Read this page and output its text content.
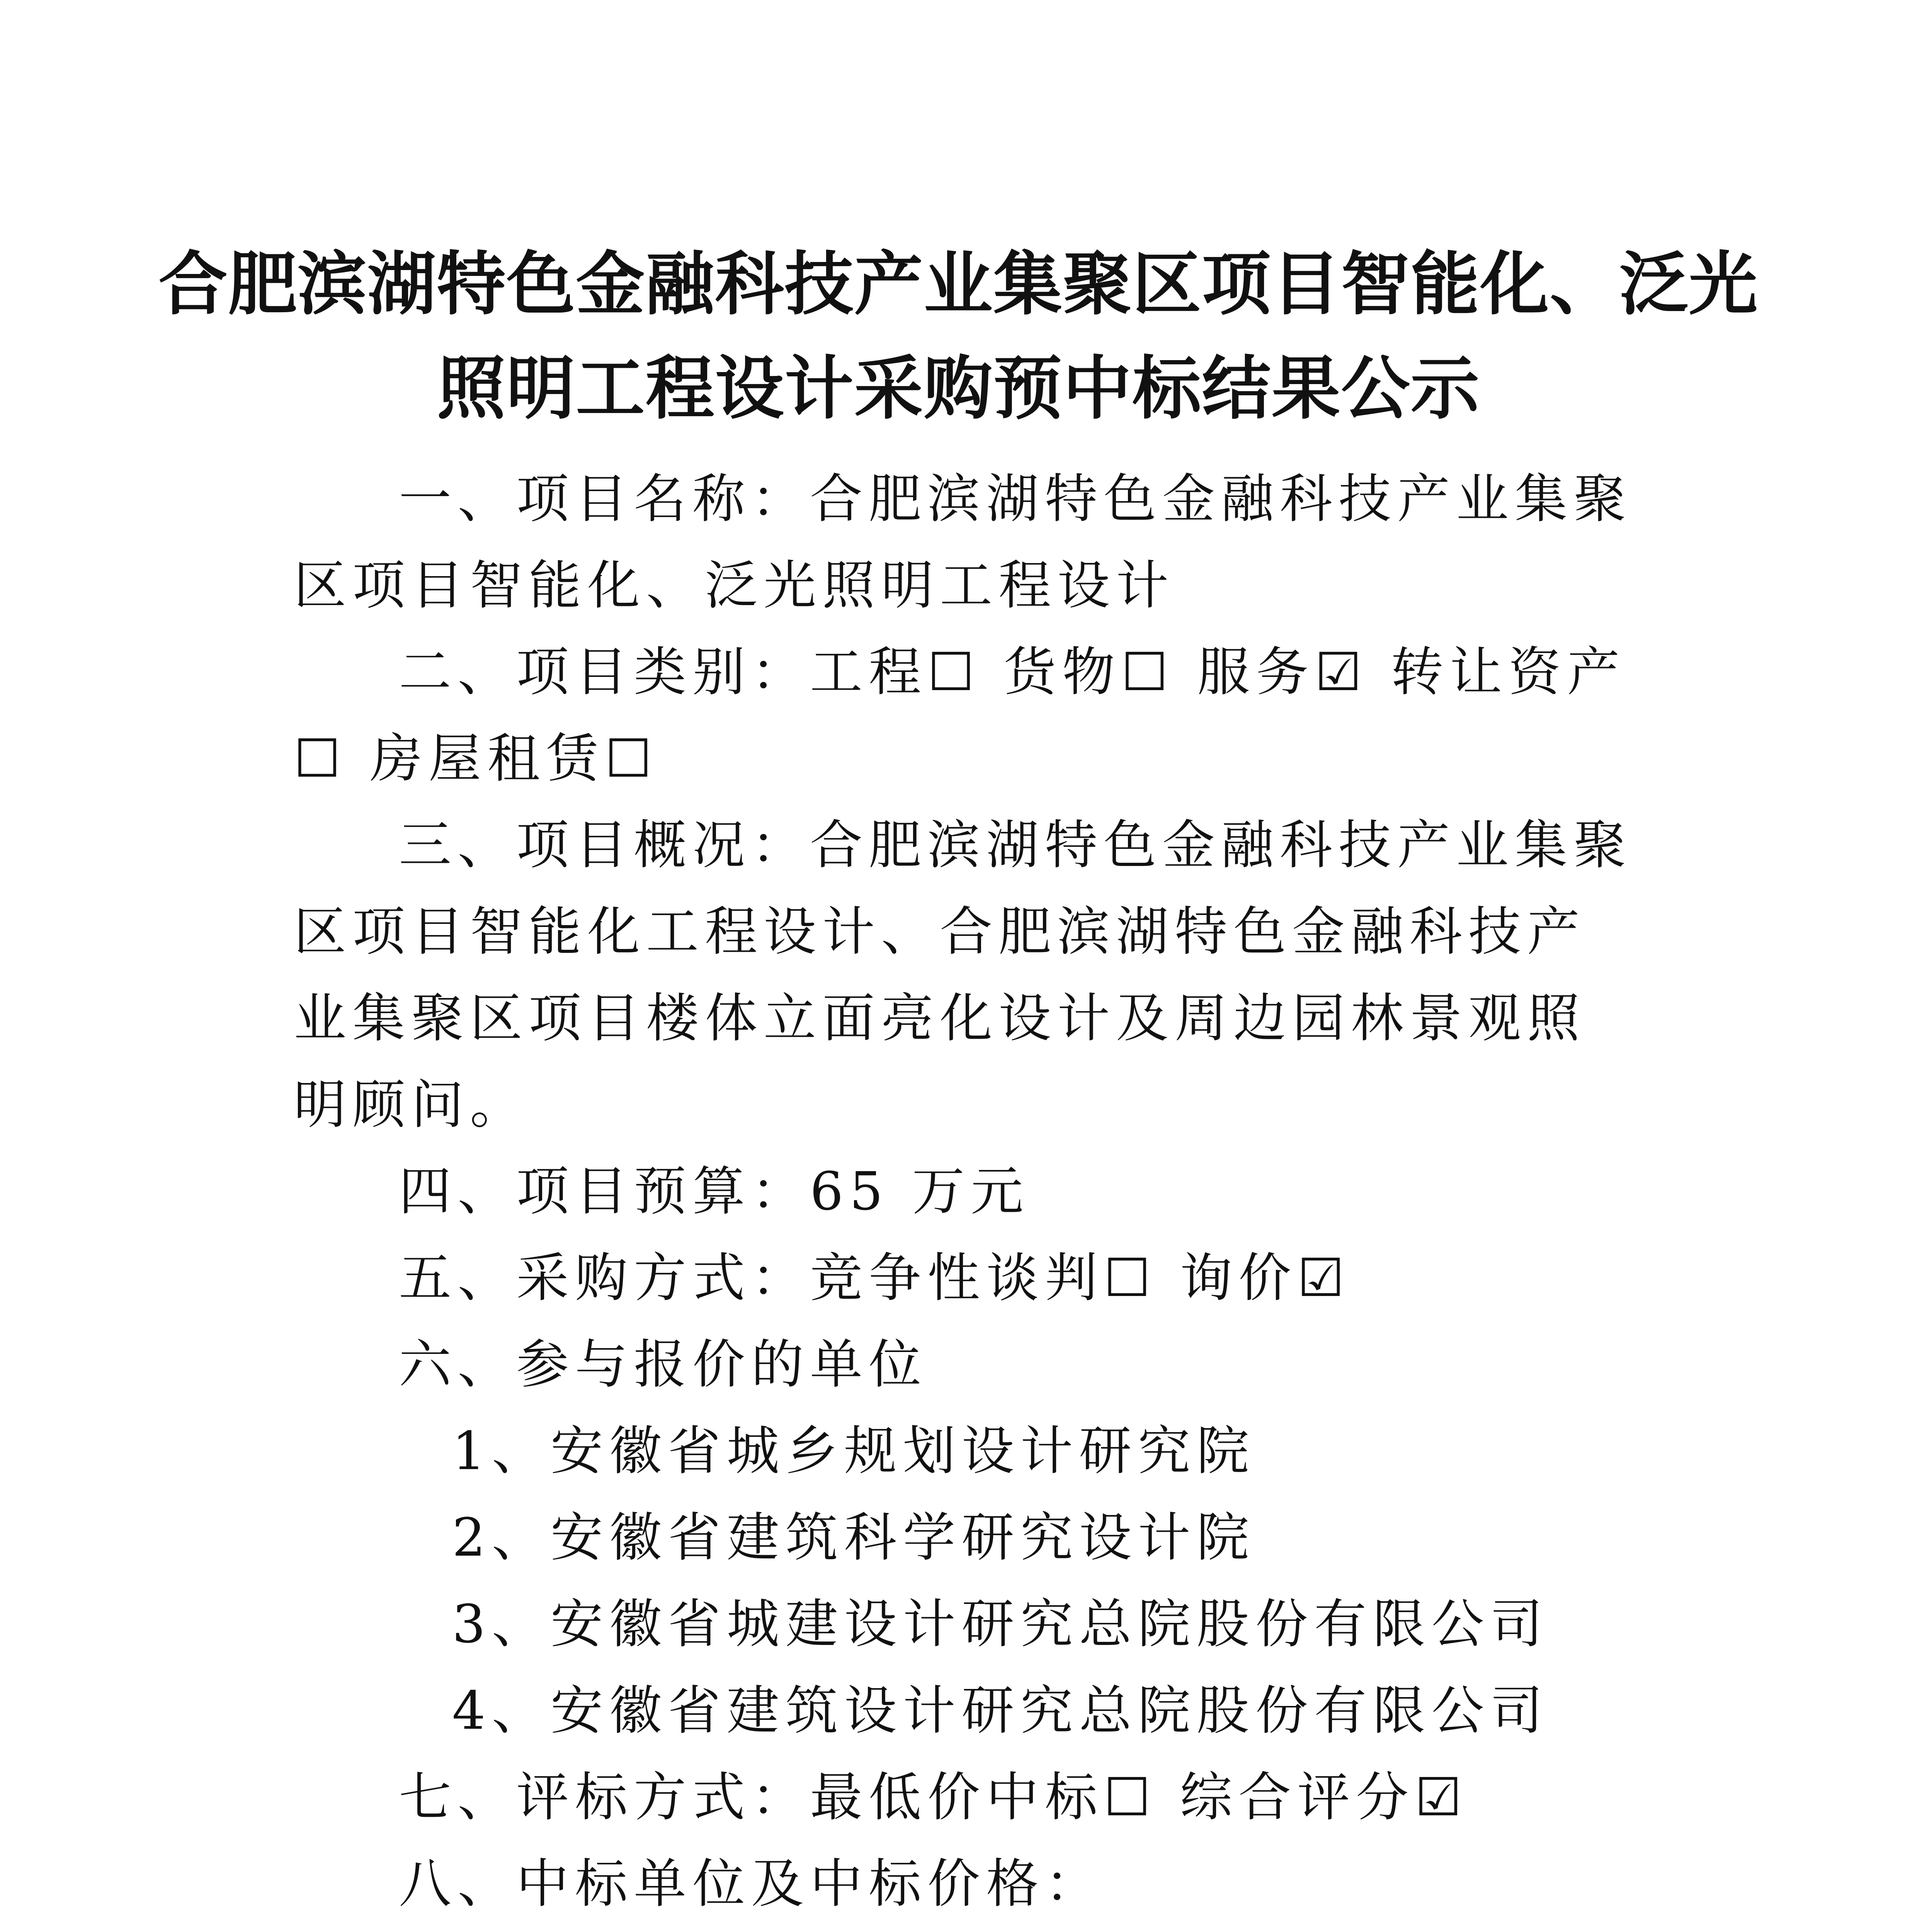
合肥滨湖特色金融科技产业集聚区项目智能化、泛光
照明工程设计采购预中标结果公示
一、项目名称：合肥滨湖特色金融科技产业集聚区项目智能化、泛光照明工程设计
二、项目类别：工程☐ 货物☐ 服务☑ 转让资产☐ 房屋租赁☐
三、项目概况：合肥滨湖特色金融科技产业集聚区项目智能化工程设计、合肥滨湖特色金融科技产业集聚区项目楼体立面亮化设计及周边园林景观照明顾问。
四、项目预算：65 万元
五、采购方式：竞争性谈判☐ 询价☑
六、参与报价的单位
1、安徽省城乡规划设计研究院
2、安徽省建筑科学研究设计院
3、安徽省城建设计研究总院股份有限公司
4、安徽省建筑设计研究总院股份有限公司
七、评标方式：最低价中标☐ 综合评分☑
八、中标单位及中标价格：
